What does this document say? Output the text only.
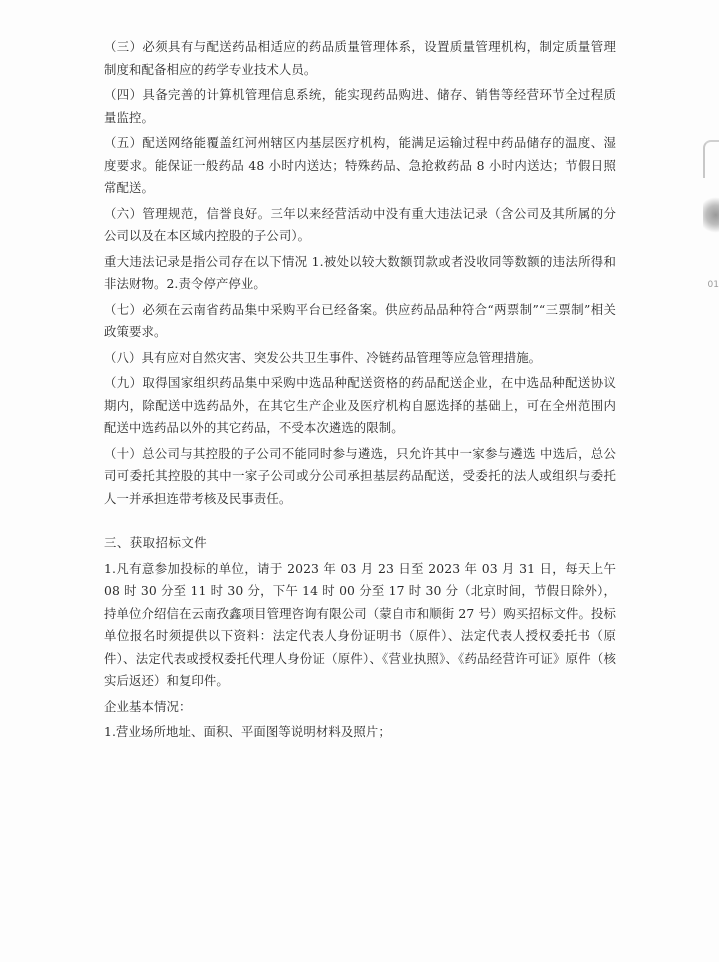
（三）必须具有与配送药品相适应的药品质量管理体系，设置质量管理机构，制定质量管理制度和配备相应的药学专业技术人员。

（四）具备完善的计算机管理信息系统，能实现药品购进、储存、销售等经营环节全过程质量监控。

（五）配送网络能覆盖红河州辖区内基层医疗机构，能满足运输过程中药品储存的温度、湿度要求。能保证一般药品 48 小时内送达；特殊药品、急抢救药品 8 小时内送达；节假日照常配送。

（六）管理规范，信誉良好。三年以来经营活动中没有重大违法记录（含公司及其所属的分公司以及在本区域内控股的子公司）。

重大违法记录是指公司存在以下情况 1.被处以较大数额罚款或者没收同等数额的违法所得和非法财物。2.责令停产停业。

（七）必须在云南省药品集中采购平台已经备案。供应药品品种符合“两票制”“三票制”相关政策要求。

（八）具有应对自然灾害、突发公共卫生事件、冷链药品管理等应急管理措施。

（九）取得国家组织药品集中采购中选品种配送资格的药品配送企业，在中选品种配送协议期内，除配送中选药品外，在其它生产企业及医疗机构自愿选择的基础上，可在全州范围内配送中选药品以外的其它药品，不受本次遴选的限制。

（十）总公司与其控股的子公司不能同时参与遴选，只允许其中一家参与遴选 中选后，总公司可委托其控股的其中一家子公司或分公司承担基层药品配送，受委托的法人或组织与委托人一并承担连带考核及民事责任。

三、获取招标文件

1.凡有意参加投标的单位，请于 2023 年 03 月 23 日至 2023 年 03 月 31 日，每天上午 08 时 30 分至 11 时 30 分，下午 14 时 00 分至 17 时 30 分（北京时间，节假日除外），持单位介绍信在云南孜鑫项目管理咨询有限公司（蒙自市和顺街 27 号）购买招标文件。投标单位报名时须提供以下资料：法定代表人身份证明书（原件）、法定代表人授权委托书（原件）、法定代表或授权委托代理人身份证（原件）、《营业执照》、《药品经营许可证》原件（核实后返还）和复印件。

企业基本情况：

1.营业场所地址、面积、平面图等说明材料及照片；

01
